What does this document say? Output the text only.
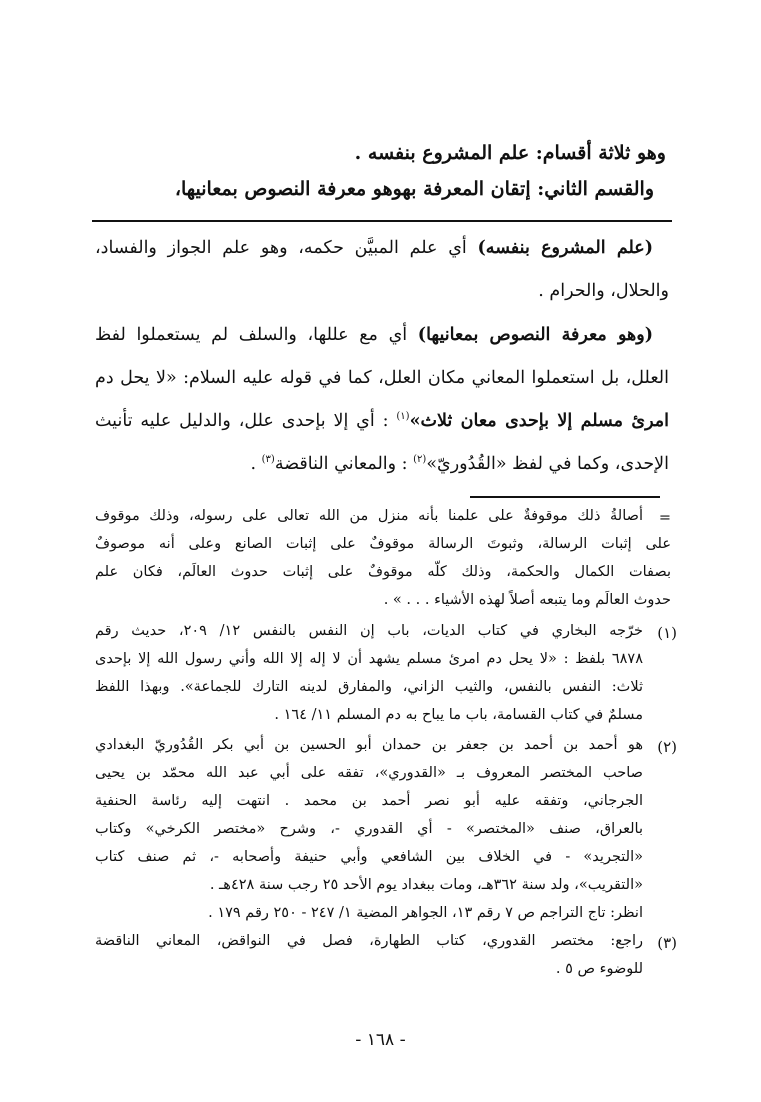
وهو ثلاثة أقسام: علم المشروع بنفسه .
والقسم الثاني: إتقان المعرفة بهوهو معرفة النصوص بمعانيها،
(علم المشروع بنفسه) أي علم المبيَّن حكمه، وهو علم الجواز والفساد،
والحلال، والحرام .
(وهو معرفة النصوص بمعانيها) أي مع عللها، والسلف لم يستعملوا لفظ
العلل، بل استعملوا المعاني مكان العلل، كما في قوله عليه السلام: «لا يحل دم
امرئ مسلم إلا بإحدى معان ثلاث»$^{(١)}$ : أي إلا بإحدى علل، والدليل عليه تأنيث
الإحدى، وكما في لفظ «القُدُوريّ»$^{(٢)}$ : والمعاني الناقضة$^{(٣)}$ .
=
أصالةُ ذلك موقوفةٌ على علمنا بأنه منزل من الله تعالى على رسوله، وذلك موقوف
على إثبات الرسالة، وثبوتَ الرسالة موقوفٌ على إثبات الصانع وعلى أنه موصوفٌ
بصفات الكمال والحكمة، وذلك كلّه موقوفٌ على إثبات حدوث العالَم، فكان علم
حدوث العالَم وما يتبعه أصلاً لهذه الأشياء . . . » .
(١)
خرّجه البخاري في كتاب الديات، باب إن النفس بالنفس ١٢/ ٢٠٩، حديث رقم
٦٨٧٨ بلفظ : «لا يحل دم امرئ مسلم يشهد أن لا إله إلا الله وأني رسول الله إلا بإحدى
ثلاث: النفس بالنفس، والثيب الزاني، والمفارق لدينه التارك للجماعة». وبهذا اللفظ
مسلمٌ في كتاب القسامة، باب ما يباح به دم المسلم ١١/ ١٦٤ .
(٢)
هو أحمد بن أحمد بن جعفر بن حمدان أبو الحسين بن أبي بكر القُدُوريّ البغدادي
صاحب المختصر المعروف بـ «القدوري»، تفقه على أبي عبد الله محمّد بن يحيى
الجرجاني، وتفقه عليه أبو نصر أحمد بن محمد . انتهت إليه رئاسة الحنفية
بالعراق، صنف «المختصر» - أي القدوري -، وشرح «مختصر الكرخي» وكتاب
«التجريد» - في الخلاف بين الشافعي وأبي حنيفة وأصحابه -، ثم صنف كتاب
«التقريب»، ولد سنة ٣٦٢هـ، ومات ببغداد يوم الأحد ٢٥ رجب سنة ٤٢٨هـ .
انظر: تاج التراجم ص ٧ رقم ١٣، الجواهر المضية ١/ ٢٤٧ - ٢٥٠ رقم ١٧٩ .
(٣)
راجع: مختصر القدوري، كتاب الطهارة، فصل في النواقض، المعاني الناقضة
للوضوء ص ٥ .
- ١٦٨ -
